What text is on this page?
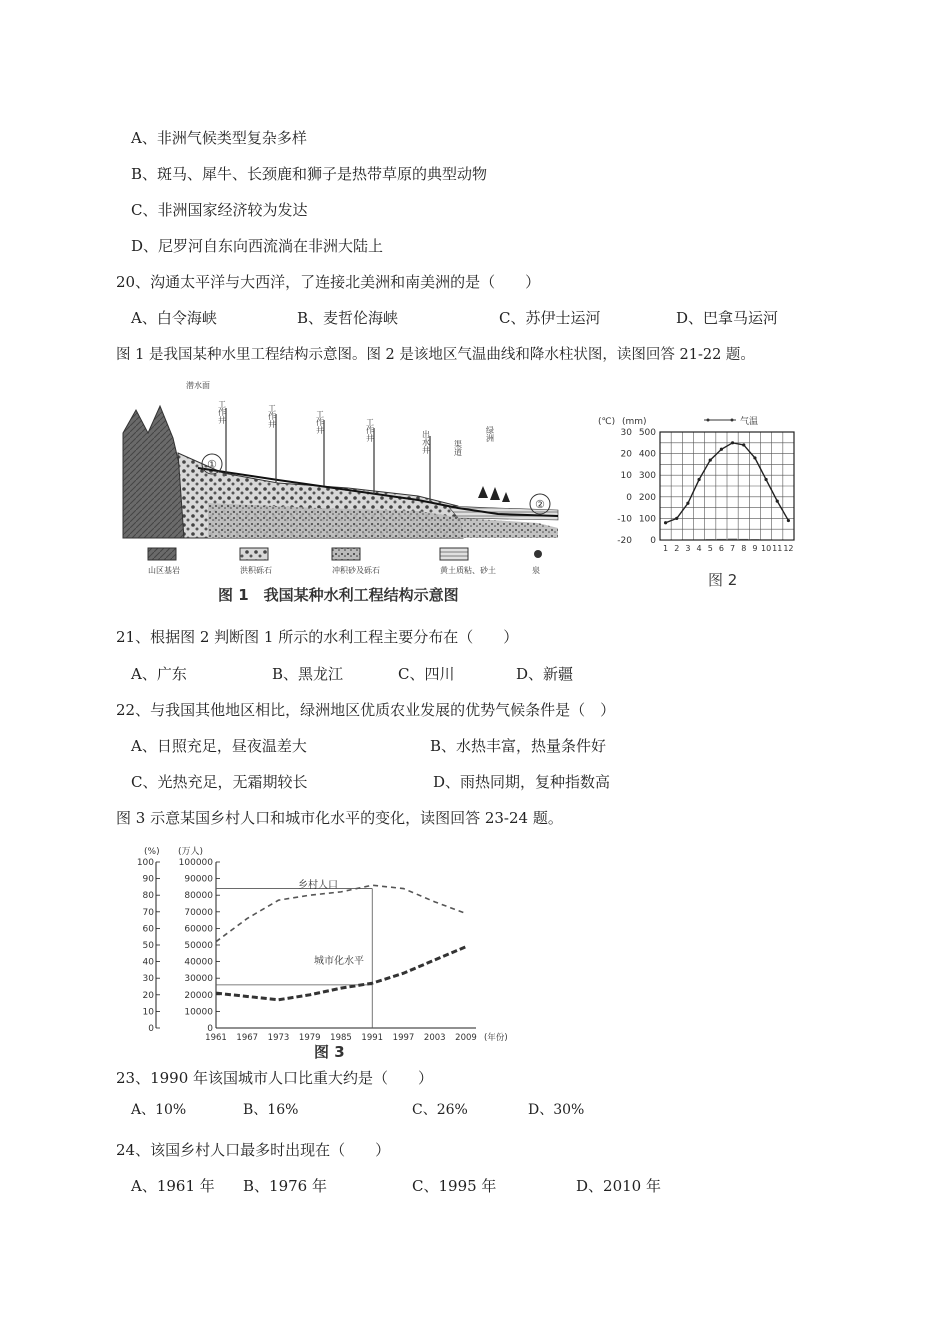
A、非洲气候类型复杂多样
B、斑马、犀牛、长颈鹿和狮子是热带草原的典型动物
C、非洲国家经济较为发达
D、尼罗河自东向西流淌在非洲大陆上
20、沟通太平洋与大西洋，了连接北美洲和南美洲的是（　　）
A、白令海峡	B、麦哲伦海峡	C、苏伊士运河	D、巴拿马运河
图 1 是我国某种水里工程结构示意图。图 2 是该地区气温曲线和降水柱状图，读图回答 21-22 题。
潜水面
①
工作井	工作井	工作井	工作井	出水井	渠道
绿洲
②
山区基岩	洪积砾石	冲积砂及砾石	黄土质粘、砂土	泉
图 1　我国某种水利工程结构示意图
(℃) (mm)	气温
30
20
10
0
-10
-20
500
400
300
200
100
0
1 2 3 4 5 6 7 8 9 10 11 12
图 2
21、根据图 2 判断图 1 所示的水利工程主要分布在（　　）
A、广东	B、黑龙江	C、四川	D、新疆
22、与我国其他地区相比，绿洲地区优质农业发展的优势气候条件是（　）
A、日照充足，昼夜温差大	B、水热丰富，热量条件好
C、光热充足，无霜期较长	D、雨热同期，复种指数高
图 3 示意某国乡村人口和城市化水平的变化，读图回答 23-24 题。
(%) (万人)
100
90
80
70
60
50
40
30
20
10
0
100000
90000
80000
70000
60000
50000
40000
30000
20000
10000
0
1961 1967 1973 1979 1985 1991 1997 2003 2009 (年份)
乡村人口
城市化水平
图 3
23、1990 年该国城市人口比重大约是（　　）
A、10%	B、16%	C、26%	D、30%
24、该国乡村人口最多时出现在（　　）
A、1961 年 B、1976 年	C、1995 年	D、2010 年
